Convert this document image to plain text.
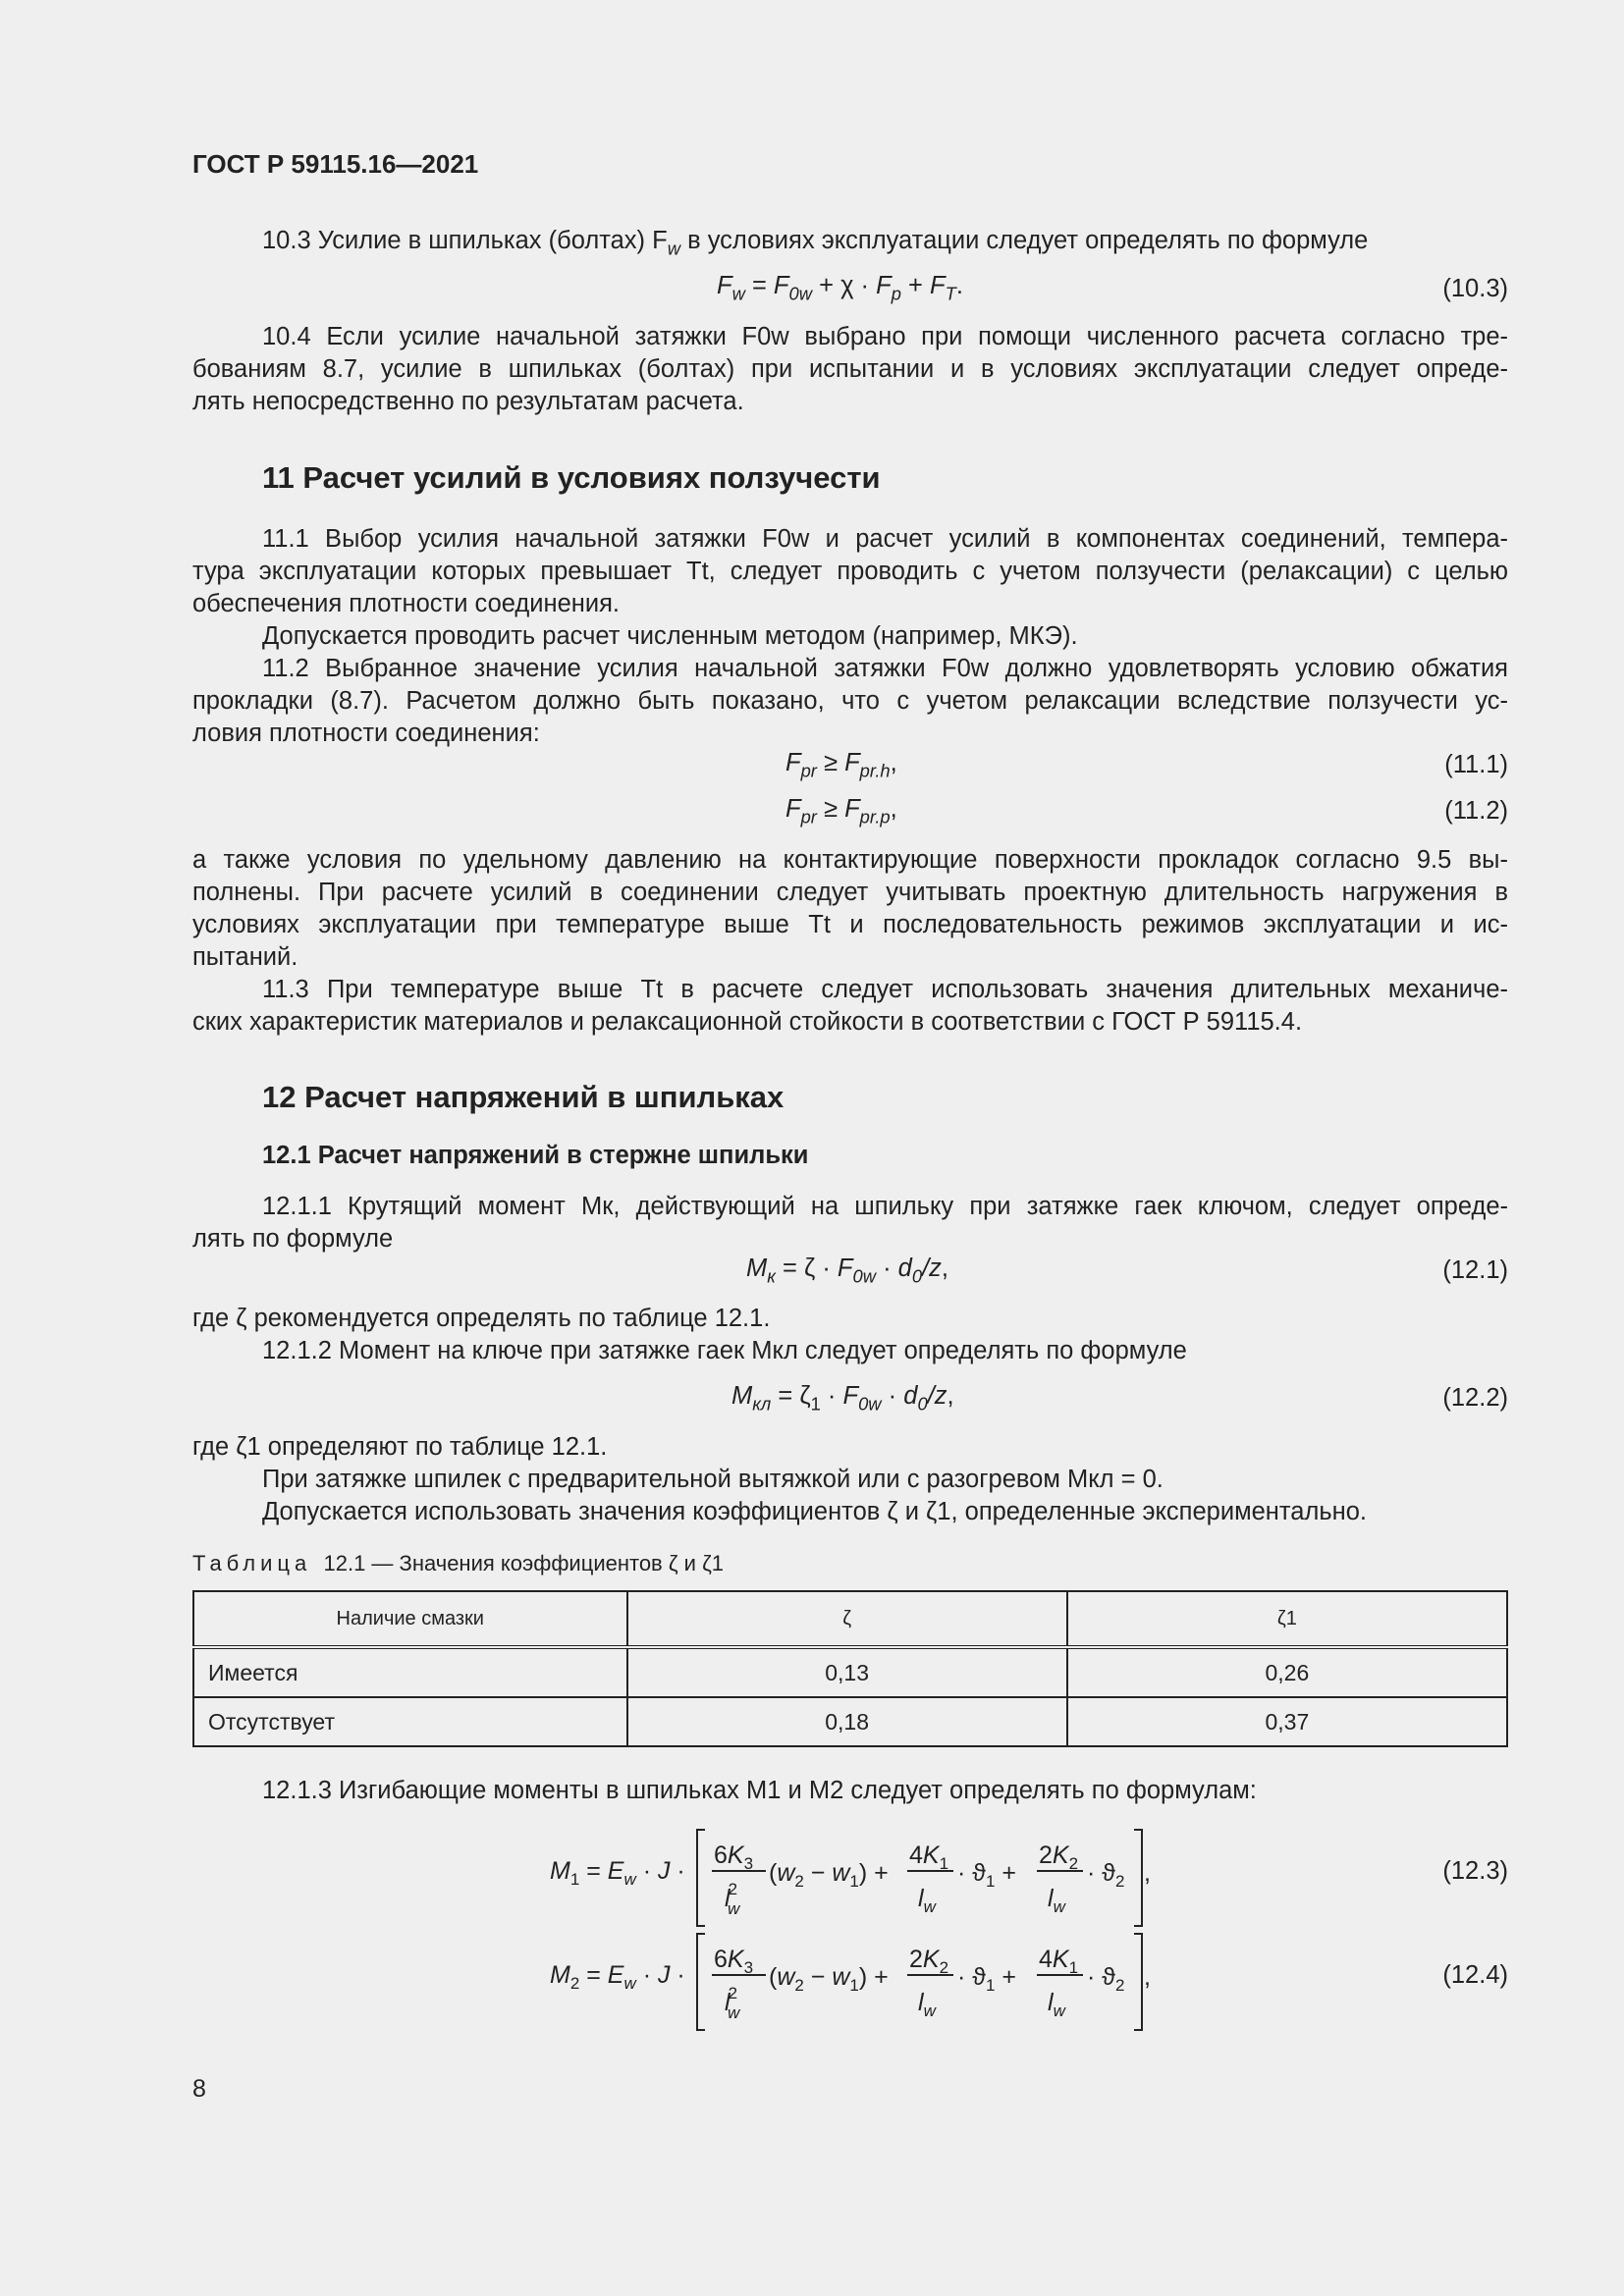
ГОСТ Р 59115.16—2021
10.3 Усилие в шпильках (болтах) $F_w$ в условиях эксплуатации следует определять по формуле
$F_w = F_{0w} + \chi \cdot F_p + F_T$.	(10.3)
10.4 Если усилие начальной затяжки F0w выбрано при помощи численного расчета согласно тре-
бованиям 8.7, усилие в шпильках (болтах) при испытании и в условиях эксплуатации следует опреде-
лять непосредственно по результатам расчета.
11 Расчет усилий в условиях ползучести
11.1 Выбор усилия начальной затяжки F0w и расчет усилий в компонентах соединений, темпера-
тура эксплуатации которых превышает Tt, следует проводить с учетом ползучести (релаксации) с целью
обеспечения плотности соединения.
Допускается проводить расчет численным методом (например, МКЭ).
11.2 Выбранное значение усилия начальной затяжки F0w должно удовлетворять условию обжатия
прокладки (8.7). Расчетом должно быть показано, что с учетом релаксации вследствие ползучести ус-
ловия плотности соединения:
$F_{pr} \ge F_{pr.h}$,	(11.1)
$F_{pr} \ge F_{pr.p}$,	(11.2)
а также условия по удельному давлению на контактирующие поверхности прокладок согласно 9.5 вы-
полнены. При расчете усилий в соединении следует учитывать проектную длительность нагружения в
условиях эксплуатации при температуре выше Tt и последовательность режимов эксплуатации и ис-
пытаний.
11.3 При температуре выше Tt в расчете следует использовать значения длительных механиче-
ских характеристик материалов и релаксационной стойкости в соответствии с ГОСТ Р 59115.4.
12 Расчет напряжений в шпильках
12.1 Расчет напряжений в стержне шпильки
12.1.1 Крутящий момент Mк, действующий на шпильку при затяжке гаек ключом, следует опреде-
лять по формуле
$M_к = \zeta \cdot F_{0w} \cdot d_0/z$,	(12.1)
где ζ рекомендуется определять по таблице 12.1.
12.1.2 Момент на ключе при затяжке гаек Mкл следует определять по формуле
$M_{кл} = \zeta_1 \cdot F_{0w} \cdot d_0/z$,	(12.2)
где ζ1 определяют по таблице 12.1.
При затяжке шпилек с предварительной вытяжкой или с разогревом Mкл = 0.
Допускается использовать значения коэффициентов ζ и ζ1, определенные экспериментально.
Таблица 12.1 — Значения коэффициентов ζ и ζ1
Наличие смазки	ζ	ζ1
Имеется	0,13	0,26
Отсутствует	0,18	0,37
12.1.3 Изгибающие моменты в шпильках M1 и M2 следует определять по формулам:
$M_1 = E_w \cdot J$ ·
$6K_3$
l2 w
$(w_2 - w_1)$ +
$4K_1$
$l_w$
· $ϑ_1$ +
$2K_2$
$l_w$
· $ϑ_2$ ,	(12.3)
$M_2 = E_w \cdot J$ ·
$6K_3$
l2 w
$(w_2 - w_1)$ +
$2K_2$
$l_w$
· $ϑ_1$ +
$4K_1$
$l_w$
· $ϑ_2$ ,	(12.4)
8
